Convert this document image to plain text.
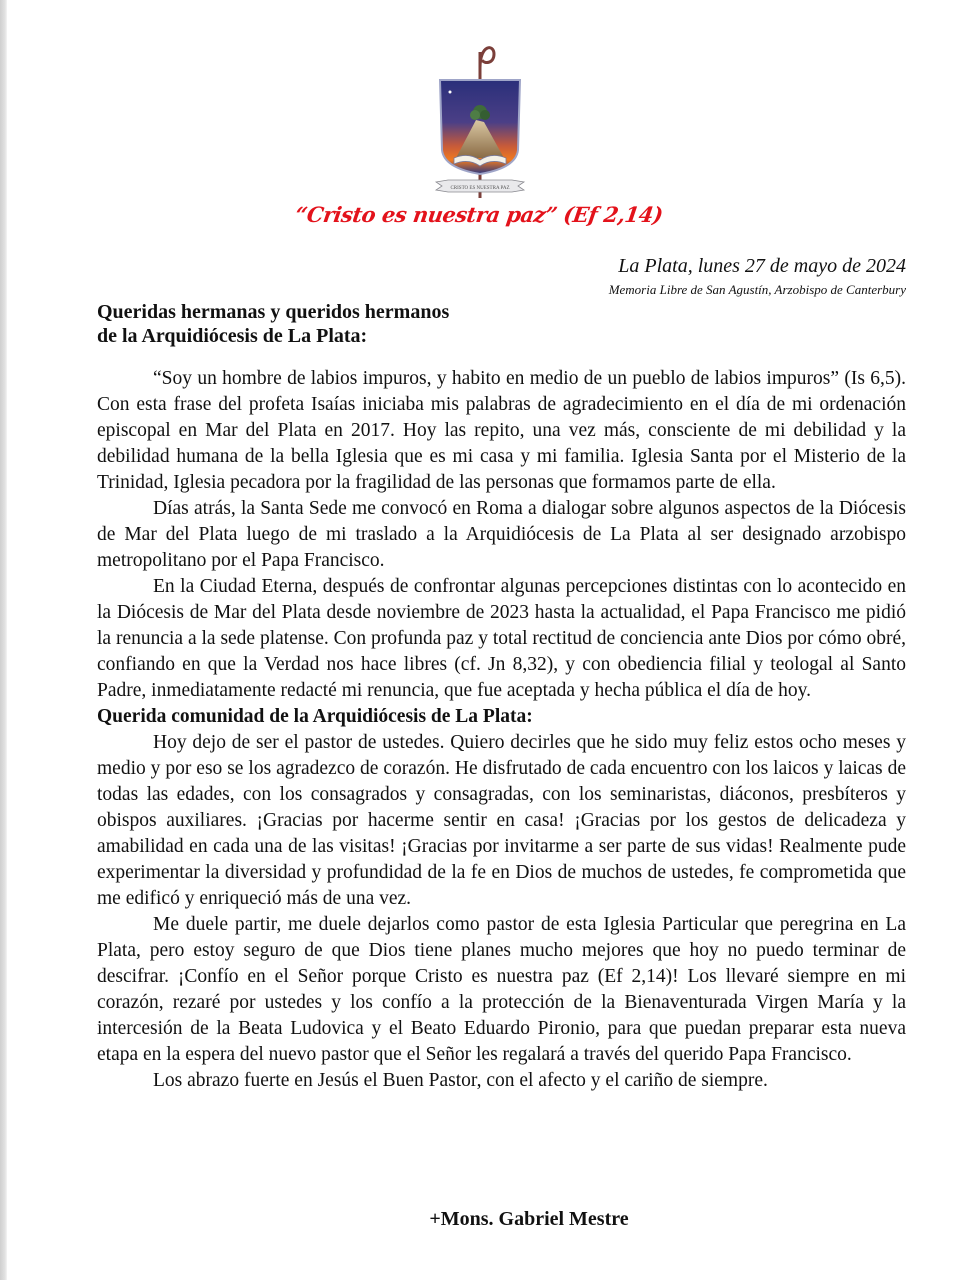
CRISTO ES NUESTRA PAZ
“Cristo es nuestra paz” (Ef 2,14)
La Plata, lunes 27 de mayo de 2024
Memoria Libre de San Agustín, Arzobispo de Canterbury
Queridas hermanas y queridos hermanos
de la Arquidiócesis de La Plata:

“Soy un hombre de labios impuros, y habito en medio de un pueblo de labios impuros” (Is 6,5). Con esta frase del profeta Isaías iniciaba mis palabras de agradecimiento en el día de mi ordenación episcopal en Mar del Plata en 2017. Hoy las repito, una vez más, consciente de mi debilidad y la debilidad humana de la bella Iglesia que es mi casa y mi familia. Iglesia Santa por el Misterio de la Trinidad, Iglesia pecadora por la fragilidad de las personas que formamos parte de ella.

Días atrás, la Santa Sede me convocó en Roma a dialogar sobre algunos aspectos de la Diócesis de Mar del Plata luego de mi traslado a la Arquidiócesis de La Plata al ser designado arzobispo metropolitano por el Papa Francisco.

En la Ciudad Eterna, después de confrontar algunas percepciones distintas con lo acontecido en la Diócesis de Mar del Plata desde noviembre de 2023 hasta la actualidad, el Papa Francisco me pidió la renuncia a la sede platense. Con profunda paz y total rectitud de conciencia ante Dios por cómo obré, confiando en que la Verdad nos hace libres (cf. Jn 8,32), y con obediencia filial y teologal al Santo Padre, inmediatamente redacté mi renuncia, que fue aceptada y hecha pública el día de hoy.

Querida comunidad de la Arquidiócesis de La Plata:

Hoy dejo de ser el pastor de ustedes. Quiero decirles que he sido muy feliz estos ocho meses y medio y por eso se los agradezco de corazón. He disfrutado de cada encuentro con los laicos y laicas de todas las edades, con los consagrados y consagradas, con los seminaristas, diáconos, presbíteros y obispos auxiliares. ¡Gracias por hacerme sentir en casa! ¡Gracias por los gestos de delicadeza y amabilidad en cada una de las visitas! ¡Gracias por invitarme a ser parte de sus vidas! Realmente pude experimentar la diversidad y profundidad de la fe en Dios de muchos de ustedes, fe comprometida que me edificó y enriqueció más de una vez.

Me duele partir, me duele dejarlos como pastor de esta Iglesia Particular que peregrina en La Plata, pero estoy seguro de que Dios tiene planes mucho mejores que hoy no puedo terminar de descifrar. ¡Confío en el Señor porque Cristo es nuestra paz (Ef 2,14)! Los llevaré siempre en mi corazón, rezaré por ustedes y los confío a la protección de la Bienaventurada Virgen María y la intercesión de la Beata Ludovica y el Beato Eduardo Pironio, para que puedan preparar esta nueva etapa en la espera del nuevo pastor que el Señor les regalará a través del querido Papa Francisco.

Los abrazo fuerte en Jesús el Buen Pastor, con el afecto y el cariño de siempre.

+Mons. Gabriel Mestre
